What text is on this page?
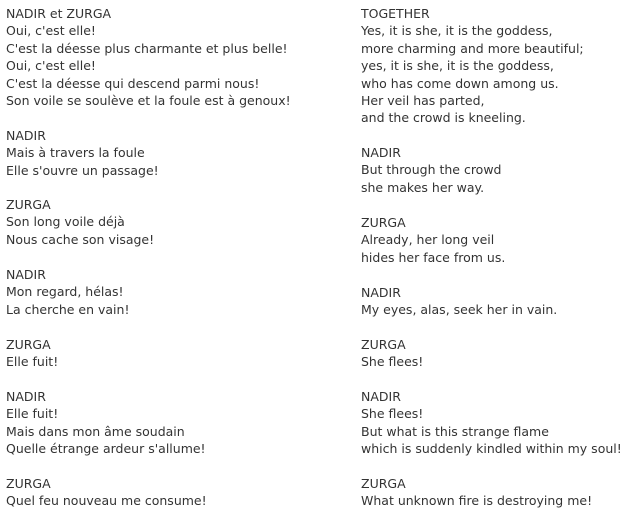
NADIR et ZURGA
Oui, c'est elle!
C'est la déesse plus charmante et plus belle!
Oui, c'est elle!
C'est la déesse qui descend parmi nous!
Son voile se soulève et la foule est à genoux!
NADIR
Mais à travers la foule
Elle s'ouvre un passage!
ZURGA
Son long voile déjà
Nous cache son visage!
NADIR
Mon regard, hélas!
La cherche en vain!
ZURGA
Elle fuit!
NADIR
Elle fuit!
Mais dans mon âme soudain
Quelle étrange ardeur s'allume!
ZURGA
Quel feu nouveau me consume!
TOGETHER
Yes, it is she, it is the goddess,
more charming and more beautiful;
yes, it is she, it is the goddess,
who has come down among us.
Her veil has parted,
and the crowd is kneeling.
NADIR
But through the crowd
she makes her way.
ZURGA
Already, her long veil
hides her face from us.
NADIR
My eyes, alas, seek her in vain.
ZURGA
She flees!
NADIR
She flees!
But what is this strange flame
which is suddenly kindled within my soul!
ZURGA
What unknown fire is destroying me!
